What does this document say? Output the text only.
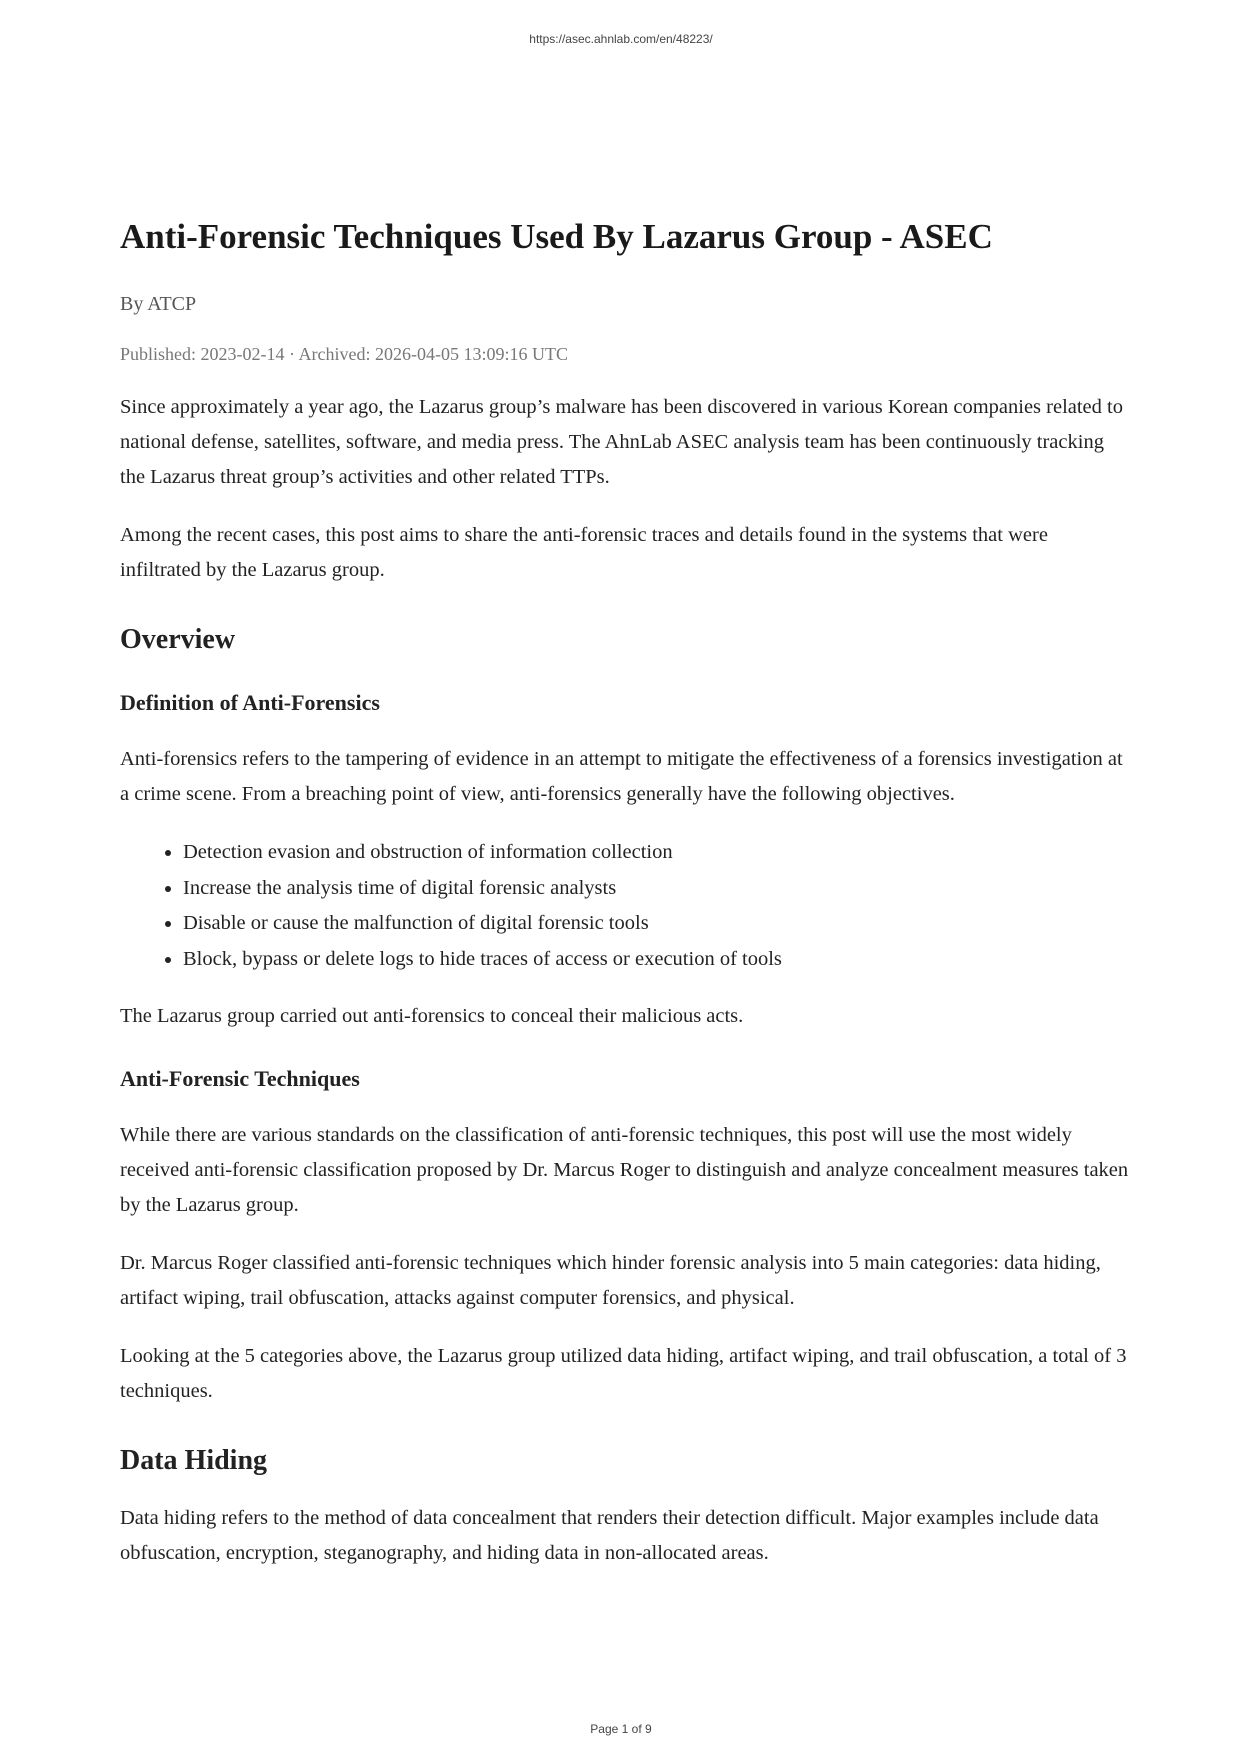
https://asec.ahnlab.com/en/48223/
Anti-Forensic Techniques Used By Lazarus Group - ASEC
By ATCP
Published: 2023-02-14 · Archived: 2026-04-05 13:09:16 UTC

Since approximately a year ago, the Lazarus group’s malware has been discovered in various Korean companies related to national defense, satellites, software, and media press. The AhnLab ASEC analysis team has been continuously tracking the Lazarus threat group’s activities and other related TTPs.

Among the recent cases, this post aims to share the anti-forensic traces and details found in the systems that were infiltrated by the Lazarus group.

Overview
Definition of Anti-Forensics

Anti-forensics refers to the tampering of evidence in an attempt to mitigate the effectiveness of a forensics investigation at a crime scene. From a breaching point of view, anti-forensics generally have the following objectives.

• Detection evasion and obstruction of information collection
• Increase the analysis time of digital forensic analysts
• Disable or cause the malfunction of digital forensic tools
• Block, bypass or delete logs to hide traces of access or execution of tools

The Lazarus group carried out anti-forensics to conceal their malicious acts.

Anti-Forensic Techniques

While there are various standards on the classification of anti-forensic techniques, this post will use the most widely received anti-forensic classification proposed by Dr. Marcus Roger to distinguish and analyze concealment measures taken by the Lazarus group.

Dr. Marcus Roger classified anti-forensic techniques which hinder forensic analysis into 5 main categories: data hiding, artifact wiping, trail obfuscation, attacks against computer forensics, and physical.

Looking at the 5 categories above, the Lazarus group utilized data hiding, artifact wiping, and trail obfuscation, a total of 3 techniques.

Data Hiding

Data hiding refers to the method of data concealment that renders their detection difficult. Major examples include data obfuscation, encryption, steganography, and hiding data in non-allocated areas.

Page 1 of 9
